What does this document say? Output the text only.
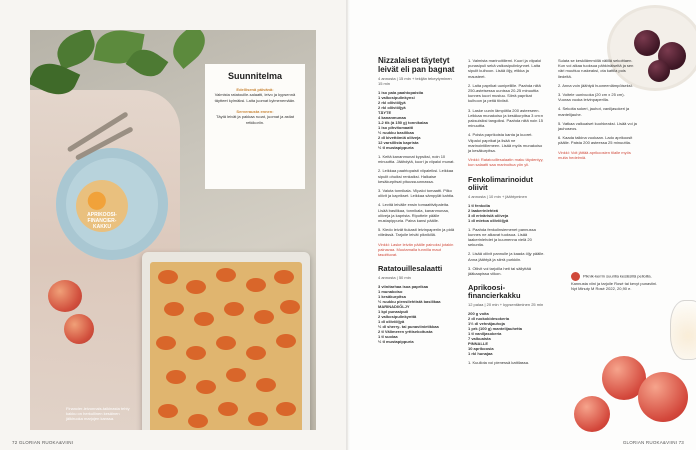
Financier-leivonnais-taikinasta tehty kakku on herkullinen kesäinen jälkiruoka marjojen kanssa.
Suunnitelma
Edellisenä päivänä:
Valmista ratatouille-salaatti, leivo ja kypsennä täytteet kylmäksi. Laita juomat kylmenemään.
Serverausta ennen:
Täytä leivät ja pakkaa ruoat, juomat ja astiat retkikoriin.
APRIKOOSI-FINANCIER-KAKKU
72 GLORIAN RUOKA&VIINI
Nizzalaiset täytetyt leivät eli pan bagnat
4 annosta | 15 min + tekijän tekeytyminen 15 min
1 iso pala paahtopaistia
1 valkosipulinkynsi
2 rkl oliiviöljyä
2 rkl oliiviöljyä
TÄYTE
4 kananmunaa
1-2 tlk (à 150 g) tonnikalaa
1 iso pihvitomaatti
½ ruukku basilikaa
2 dl kivettömiä oliiveja
12 varsillista kaprista
½ tl mustapippuria
1. Keitä kananmunat kypsiksi, noin 10 minuuttia. Jäähdytä, kuori ja viipaloi munat.
2. Leikkaa paahtopaisti viipaleiksi. Leikkaa sipulit ohuiksi renkaiksi. Halkaise kesäkurpitsat pituussuunnassa.
3. Valuta tonnikala. Viipaloi tomaatti. Pilko oliivit ja kaprikset. Leikkaa sämpylät kahtia.
4. Levitä leivälle ensin tomaattiviipaleita. Lisää basilikaa, tonnikala, kananmunaa, oliiveja ja kaprista. Ripottele päälle mustapippuria. Paina kansi päälle.
5. Kiedo leivät tiukasti leivinpaperiin ja pidä viileässä. Tarjoile leivät piknikillä.
Vinkki: Laske leivän päälle painoksi jotakin painavaa. Muutamalla tunnilla maut tasoittuvat.
Ratatouillesalaatti
4 annosta | 50 min
3 viinitarhaa isoa paprikaa
1 munakoiso
1 kesäkurpitsa
½ ruukku piensilehtistä basilikaa
MARINADI/ÖLJY
1 kpl punasipuli
2 valkosipulinkynttä
1 dl oliiviöljyä
½ dl sherry- tai punaviinietikkaa
2 tl Välimeren yrttisekoitusta
1 tl suolaa
½ tl mustapippuria
1. Valmista marinoitiliemi. Kuori ja viipaloi punasipuli sekä valkosipulinkynnet. Laita sipulit kulhoon. Lisää öljy, etikka ja mausteet.
2. Laita paprikat uunipellille. Paahda niitä 250-asteisessa uunissa 20-25 minuuttia kunnes kuori mustuu. Siirrä paprikat kulhoon ja peitä tiiviisti.
3. Laske uunin lämpötila 200 asteeseen. Leikkaa munakoiso ja kesäkurpitsa 3 cm:n paksuisiksi tangoiksi. Paahda niitä noin 15 minuuttia.
4. Poista paprikoista kanta ja kuoret. Viipaloi paprikat ja lisää ne marinointiliemeen. Lisää myös munakoiso ja kesäkurpitsa.
Vinkki: Ratatouillesalaatin maku täydentyy, kun salaatti saa marinoitua yön yli.
Fenkolimarinoidut oliivit
4 annosta | 10 min + jäähtyminen
1 tl fenkolia
2 laakerinlehteä
3 dl erivärisiä oliiveja
1 dl mietoa oliiviöljyä
1. Paahda fenkolinsiemenet pannussa kunnes ne alkavat tuoksua. Lisää laakerinlehdet ja kuumenna vielä 20 sekuntia.
2. Lisää oliivit pannulle ja kaada öljy päälle. Anna jäähtyä ja siirrä purkkiin.
3. Oliivit voi tarjoilla heti tai säilyttää jääkaapissa viikon.
Aprikoosi-financierkakku
12 palaa | 20 min + kypsentäminen 25 min
200 g voita
2 dl ruokokidesokeria
1½ dl vehnäjauhoja
1 prk (100 g) mantelijauhetta
1 tl vaniljasokeria
7 valkuaista
PINNALLE
10 aprikoosia
1 rkl hunajaa
1. Kuullota voi pienessä kattilassa.
Sulata se keskilämmöllä välillä sekoittaen. Kun voi alkaa tuoksua pähkinäiseltä ja sen väri muuttuu ruskeaksi, ota kattila pois liedeltä.
2. Anna voin jäähtyä huoneenlämpöiseksi.
3. Voitele uunivuoka (20 cm x 25 cm). Vuoraa vuoka leivinpaperilla.
4. Sekoita sokeri, jauhot, vaniljasokeri ja mantelijauhe.
5. Vatkaa valkuaiset kuohkeaksi. Lisää voi ja jauhoseos.
6. Kaada taikina vuokaan. Lado aprikoosit päälle. Paista 200 asteessa 25 minuuttia.
Vinkki: Voit jättää aprikoosien tilalle myös muita hedelmiä.
Piknik-kerrin suurilla kesäisillä pelloilla. Kannusta viini ja tarjoile Rosé tai kevyt punaviini. Nyt Minuty M Rosé 2022, 20,90 e.
GLORIAN RUOKA&VIINI 73
